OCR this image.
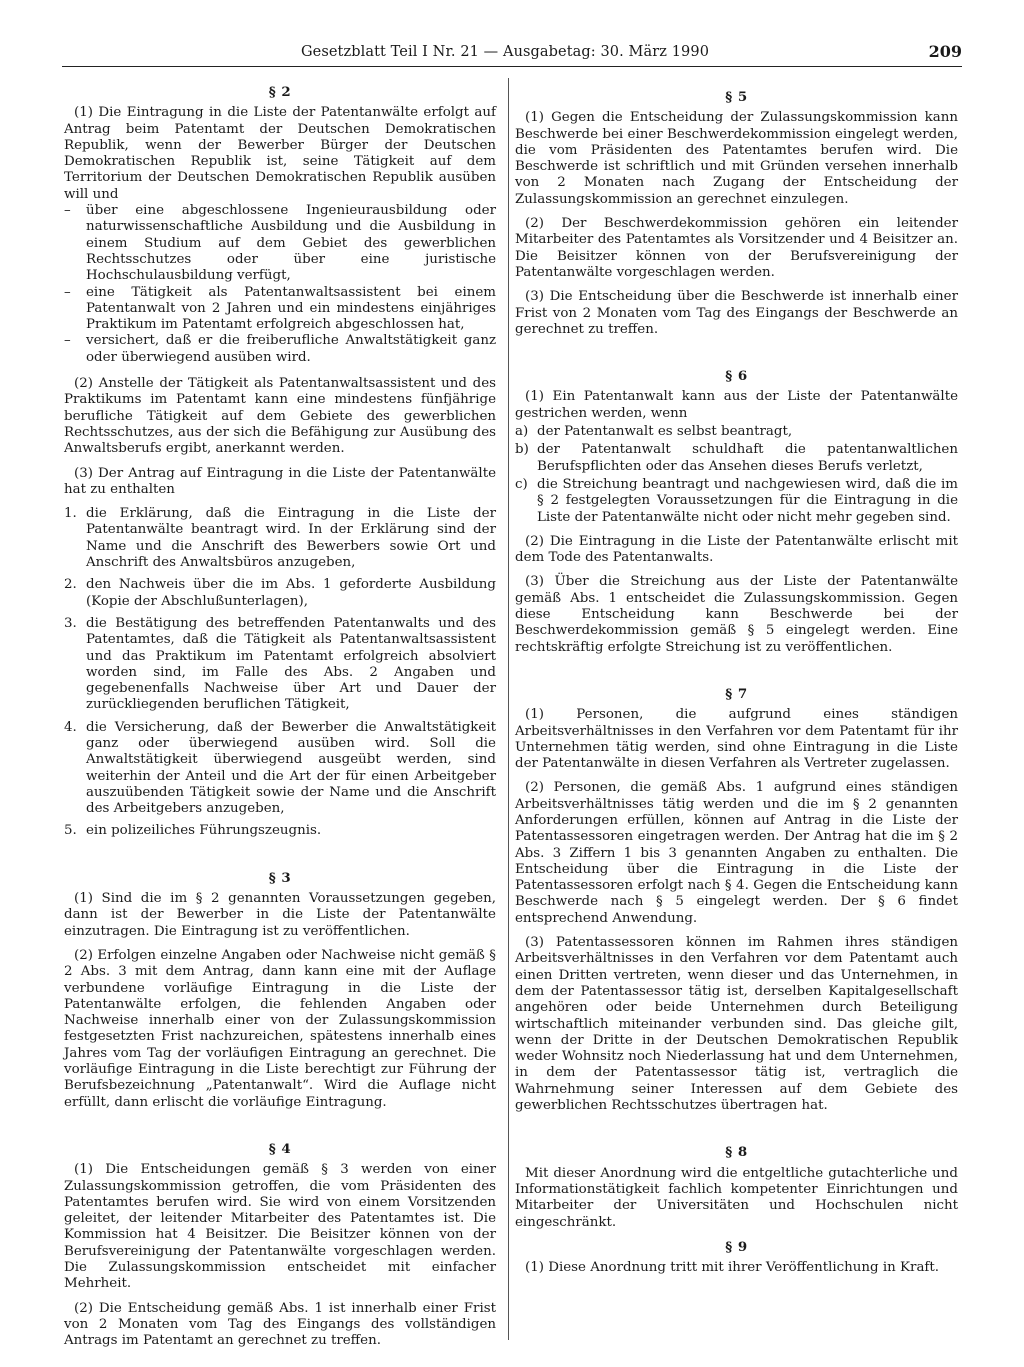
Gesetzblatt Teil I Nr. 21 — Ausgabetag: 30. März 1990	209
§ 2

(1) Die Eintragung in die Liste der Patentanwälte erfolgt auf Antrag beim Patentamt der Deutschen Demokratischen Republik, wenn der Bewerber Bürger der Deutschen Demokratischen Republik ist, seine Tätigkeit auf dem Territorium der Deutschen Demokratischen Republik ausüben will und

–	über eine abgeschlossene Ingenieurausbildung oder naturwissenschaftliche Ausbildung und die Ausbildung in einem Studium auf dem Gebiet des gewerblichen Rechtsschutzes oder über eine juristische Hochschulausbildung verfügt,
–	eine Tätigkeit als Patentanwaltsassistent bei einem Patentanwalt von 2 Jahren und ein mindestens einjähriges Praktikum im Patentamt erfolgreich abgeschlossen hat,
–	versichert, daß er die freiberufliche Anwaltstätigkeit ganz oder überwiegend ausüben wird.

(2) Anstelle der Tätigkeit als Patentanwaltsassistent und des Praktikums im Patentamt kann eine mindestens fünfjährige berufliche Tätigkeit auf dem Gebiete des gewerblichen Rechtsschutzes, aus der sich die Befähigung zur Ausübung des Anwaltsberufs ergibt, anerkannt werden.

(3) Der Antrag auf Eintragung in die Liste der Patentanwälte hat zu enthalten

1. die Erklärung, daß die Eintragung in die Liste der Patentanwälte beantragt wird. In der Erklärung sind der Name und die Anschrift des Bewerbers sowie Ort und Anschrift des Anwaltsbüros anzugeben,
2. den Nachweis über die im Abs. 1 geforderte Ausbildung (Kopie der Abschlußunterlagen),
3. die Bestätigung des betreffenden Patentanwalts und des Patentamtes, daß die Tätigkeit als Patentanwaltsassistent und das Praktikum im Patentamt erfolgreich absolviert worden sind, im Falle des Abs. 2 Angaben und gegebenenfalls Nachweise über Art und Dauer der zurückliegenden beruflichen Tätigkeit,
4. die Versicherung, daß der Bewerber die Anwaltstätigkeit ganz oder überwiegend ausüben wird. Soll die Anwaltstätigkeit überwiegend ausgeübt werden, sind weiterhin der Anteil und die Art der für einen Arbeitgeber auszuübenden Tätigkeit sowie der Name und die Anschrift des Arbeitgebers anzugeben,
5. ein polizeiliches Führungszeugnis.
§ 3

(1) Sind die im § 2 genannten Voraussetzungen gegeben, dann ist der Bewerber in die Liste der Patentanwälte einzutragen. Die Eintragung ist zu veröffentlichen.

(2) Erfolgen einzelne Angaben oder Nachweise nicht gemäß § 2 Abs. 3 mit dem Antrag, dann kann eine mit der Auflage verbundene vorläufige Eintragung in die Liste der Patentanwälte erfolgen, die fehlenden Angaben oder Nachweise innerhalb einer von der Zulassungskommission festgesetzten Frist nachzureichen, spätestens innerhalb eines Jahres vom Tag der vorläufigen Eintragung an gerechnet. Die vorläufige Eintragung in die Liste berechtigt zur Führung der Berufsbezeichnung „Patentanwalt“. Wird die Auflage nicht erfüllt, dann erlischt die vorläufige Eintragung.

§ 4

(1) Die Entscheidungen gemäß § 3 werden von einer Zulassungskommission getroffen, die vom Präsidenten des Patentamtes berufen wird. Sie wird von einem Vorsitzenden geleitet, der leitender Mitarbeiter des Patentamtes ist. Die Kommission hat 4 Beisitzer. Die Beisitzer können von der Berufsvereinigung der Patentanwälte vorgeschlagen werden. Die Zulassungskommission entscheidet mit einfacher Mehrheit.

(2) Die Entscheidung gemäß Abs. 1 ist innerhalb einer Frist von 2 Monaten vom Tag des Eingangs des vollständigen Antrags im Patentamt an gerechnet zu treffen.

§ 5

(1) Gegen die Entscheidung der Zulassungskommission kann Beschwerde bei einer Beschwerdekommission eingelegt werden, die vom Präsidenten des Patentamtes berufen wird. Die Beschwerde ist schriftlich und mit Gründen versehen innerhalb von 2 Monaten nach Zugang der Entscheidung der Zulassungskommission an gerechnet einzulegen.

(2) Der Beschwerdekommission gehören ein leitender Mitarbeiter des Patentamtes als Vorsitzender und 4 Beisitzer an. Die Beisitzer können von der Berufsvereinigung der Patentanwälte vorgeschlagen werden.

(3) Die Entscheidung über die Beschwerde ist innerhalb einer Frist von 2 Monaten vom Tag des Eingangs der Beschwerde an gerechnet zu treffen.

§ 6

(1) Ein Patentanwalt kann aus der Liste der Patentanwälte gestrichen werden, wenn

a) der Patentanwalt es selbst beantragt,
b) der Patentanwalt schuldhaft die patentanwaltlichen Berufspflichten oder das Ansehen dieses Berufs verletzt,
c) die Streichung beantragt und nachgewiesen wird, daß die im § 2 festgelegten Voraussetzungen für die Eintragung in die Liste der Patentanwälte nicht oder nicht mehr gegeben sind.

(2) Die Eintragung in die Liste der Patentanwälte erlischt mit dem Tode des Patentanwalts.

(3) Über die Streichung aus der Liste der Patentanwälte gemäß Abs. 1 entscheidet die Zulassungskommission. Gegen diese Entscheidung kann Beschwerde bei der Beschwerdekommission gemäß § 5 eingelegt werden. Eine rechtskräftig erfolgte Streichung ist zu veröffentlichen.

§ 7

(1) Personen, die aufgrund eines ständigen Arbeitsverhältnisses in den Verfahren vor dem Patentamt für ihr Unternehmen tätig werden, sind ohne Eintragung in die Liste der Patentanwälte in diesen Verfahren als Vertreter zugelassen.

(2) Personen, die gemäß Abs. 1 aufgrund eines ständigen Arbeitsverhältnisses tätig werden und die im § 2 genannten Anforderungen erfüllen, können auf Antrag in die Liste der Patentassessoren eingetragen werden. Der Antrag hat die im § 2 Abs. 3 Ziffern 1 bis 3 genannten Angaben zu enthalten. Die Entscheidung über die Eintragung in die Liste der Patentassessoren erfolgt nach § 4. Gegen die Entscheidung kann Beschwerde nach § 5 eingelegt werden. Der § 6 findet entsprechend Anwendung.

(3) Patentassessoren können im Rahmen ihres ständigen Arbeitsverhältnisses in den Verfahren vor dem Patentamt auch einen Dritten vertreten, wenn dieser und das Unternehmen, in dem der Patentassessor tätig ist, derselben Kapitalgesellschaft angehören oder beide Unternehmen durch Beteiligung wirtschaftlich miteinander verbunden sind. Das gleiche gilt, wenn der Dritte in der Deutschen Demokratischen Republik weder Wohnsitz noch Niederlassung hat und dem Unternehmen, in dem der Patentassessor tätig ist, vertraglich die Wahrnehmung seiner Interessen auf dem Gebiete des gewerblichen Rechtsschutzes übertragen hat.

§ 8

Mit dieser Anordnung wird die entgeltliche gutachterliche und Informationstätigkeit fachlich kompetenter Einrichtungen und Mitarbeiter der Universitäten und Hochschulen nicht eingeschränkt.

§ 9

(1) Diese Anordnung tritt mit ihrer Veröffentlichung in Kraft.
